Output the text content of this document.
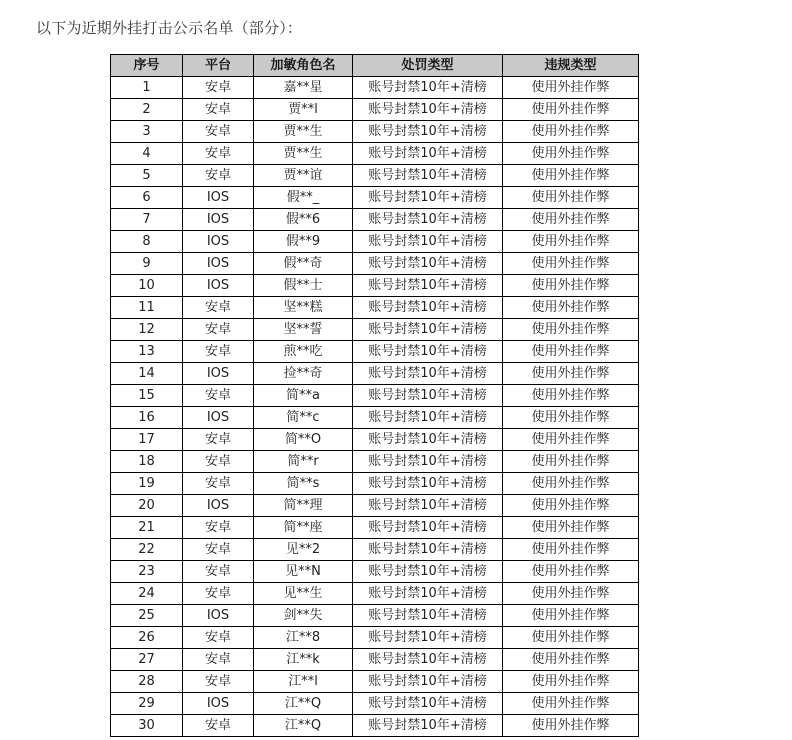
以下为近期外挂打击公示名单（部分）：
序号	平台	加敏角色名	处罚类型	违规类型
1	安卓	嘉**星	账号封禁10年+清榜	使用外挂作弊
2	安卓	贾**l	账号封禁10年+清榜	使用外挂作弊
3	安卓	贾**生	账号封禁10年+清榜	使用外挂作弊
4	安卓	贾**生	账号封禁10年+清榜	使用外挂作弊
5	安卓	贾**谊	账号封禁10年+清榜	使用外挂作弊
6	IOS	假**_	账号封禁10年+清榜	使用外挂作弊
7	IOS	假**6	账号封禁10年+清榜	使用外挂作弊
8	IOS	假**9	账号封禁10年+清榜	使用外挂作弊
9	IOS	假**奇	账号封禁10年+清榜	使用外挂作弊
10	IOS	假**士	账号封禁10年+清榜	使用外挂作弊
11	安卓	坚**糕	账号封禁10年+清榜	使用外挂作弊
12	安卓	坚**誓	账号封禁10年+清榜	使用外挂作弊
13	安卓	煎**吃	账号封禁10年+清榜	使用外挂作弊
14	IOS	捡**奇	账号封禁10年+清榜	使用外挂作弊
15	安卓	简**a	账号封禁10年+清榜	使用外挂作弊
16	IOS	简**c	账号封禁10年+清榜	使用外挂作弊
17	安卓	简**O	账号封禁10年+清榜	使用外挂作弊
18	安卓	简**r	账号封禁10年+清榜	使用外挂作弊
19	安卓	简**s	账号封禁10年+清榜	使用外挂作弊
20	IOS	简**理	账号封禁10年+清榜	使用外挂作弊
21	安卓	简**座	账号封禁10年+清榜	使用外挂作弊
22	安卓	见**2	账号封禁10年+清榜	使用外挂作弊
23	安卓	见**N	账号封禁10年+清榜	使用外挂作弊
24	安卓	见**生	账号封禁10年+清榜	使用外挂作弊
25	IOS	剑**失	账号封禁10年+清榜	使用外挂作弊
26	安卓	江**8	账号封禁10年+清榜	使用外挂作弊
27	安卓	江**k	账号封禁10年+清榜	使用外挂作弊
28	安卓	江**l	账号封禁10年+清榜	使用外挂作弊
29	IOS	江**Q	账号封禁10年+清榜	使用外挂作弊
30	安卓	江**Q	账号封禁10年+清榜	使用外挂作弊
